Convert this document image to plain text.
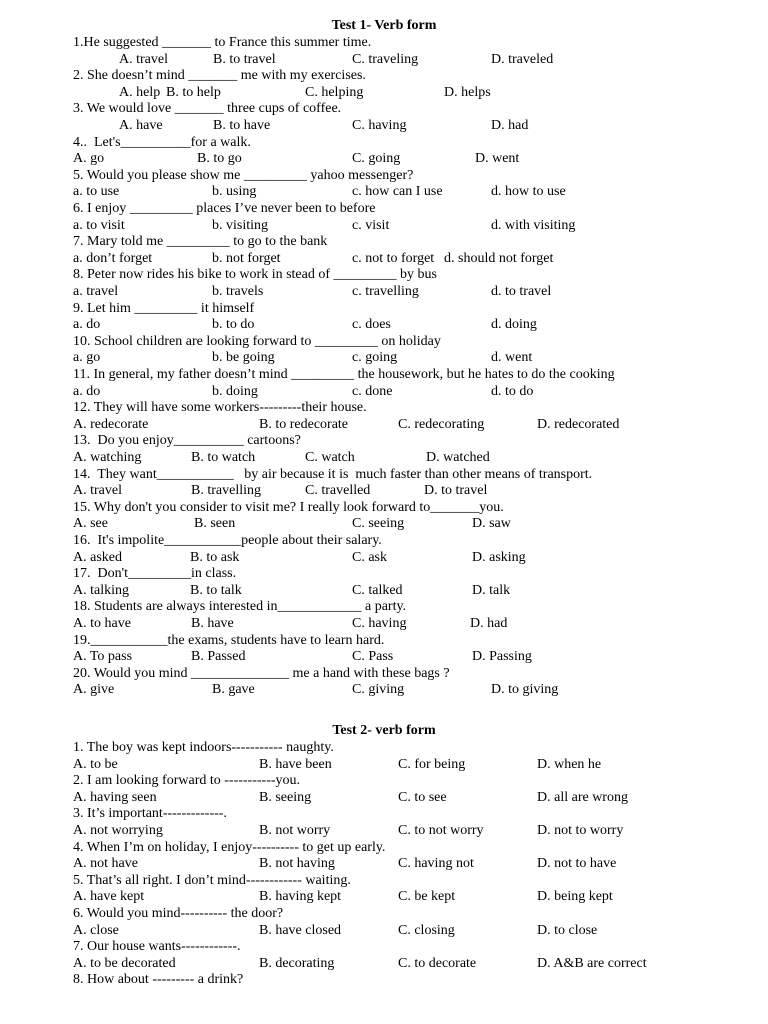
Test 1- Verb form
1.He suggested _______ to France this summer time.
A. travel	B. to travel	C. traveling	D. traveled
2. She doesn’t mind _______ me with my exercises.
A. help B. to help	C. helping	D. helps
3. We would love _______ three cups of coffee.
A. have	B. to have	C. having	D. had
4..  Let's__________for a walk.
A. go	B. to go	C. going	D. went
5. Would you please show me _________ yahoo messenger?
a. to use	b. using	c. how can I use	d. how to use
6. I enjoy _________ places I’ve never been to before
a. to visit	b. visiting	c. visit	d. with visiting
7. Mary told me _________ to go to the bank
a. don’t forget	b. not forget	c. not to forget d. should not forget
8. Peter now rides his bike to work in stead of _________ by bus
a. travel	b. travels	c. travelling	d. to travel
9. Let him _________ it himself
a. do	b. to do	c. does	d. doing
10. School children are looking forward to _________ on holiday
a. go	b. be going	c. going	d. went
11. In general, my father doesn’t mind _________ the housework, but he hates to do the cooking
a. do	b. doing	c. done	d. to do
12. They will have some workers---------their house.
A. redecorate	B. to redecorate	C. redecorating	D. redecorated
13.  Do you enjoy__________ cartoons?
A. watching	B. to watch	C. watch	D. watched
14.  They want___________   by air because it is  much faster than other means of transport.
A. travel	B. travelling	C. travelled	D. to travel
15. Why don't you consider to visit me? I really look forward to_______you.
A. see	B. seen	C. seeing	D. saw
16.  It's impolite___________people about their salary.
A. asked	B. to ask	C. ask	D. asking
17.  Don't_________in class.
A. talking	B. to talk	C. talked	D. talk
18. Students are always interested in____________ a party.
A. to have	B. have	C. having	D. had
19.___________the exams, students have to learn hard.
A. To pass	B. Passed	C. Pass	D. Passing
20. Would you mind ______________ me a hand with these bags ?
A. give	B. gave	C. giving	D. to giving
Test 2- verb form
1. The boy was kept indoors----------- naughty.
A. to be	B. have been	C. for being	D. when he
2. I am looking forward to -----------you.
A. having seen	B. seeing	C. to see	D. all are wrong
3. It’s important-------------.
A. not worrying	B. not worry	C. to not worry	D. not to worry
4. When I’m on holiday, I enjoy---------- to get up early.
A. not have	B. not having	C. having not	D. not to have
5. That’s all right. I don’t mind------------ waiting.
A. have kept	B. having kept	C. be kept	D. being kept
6. Would you mind---------- the door?
A. close	B. have closed	C. closing	D. to close
7. Our house wants------------.
A. to be decorated	B. decorating	C. to decorate	D. A&B are correct
8. How about --------- a drink?
